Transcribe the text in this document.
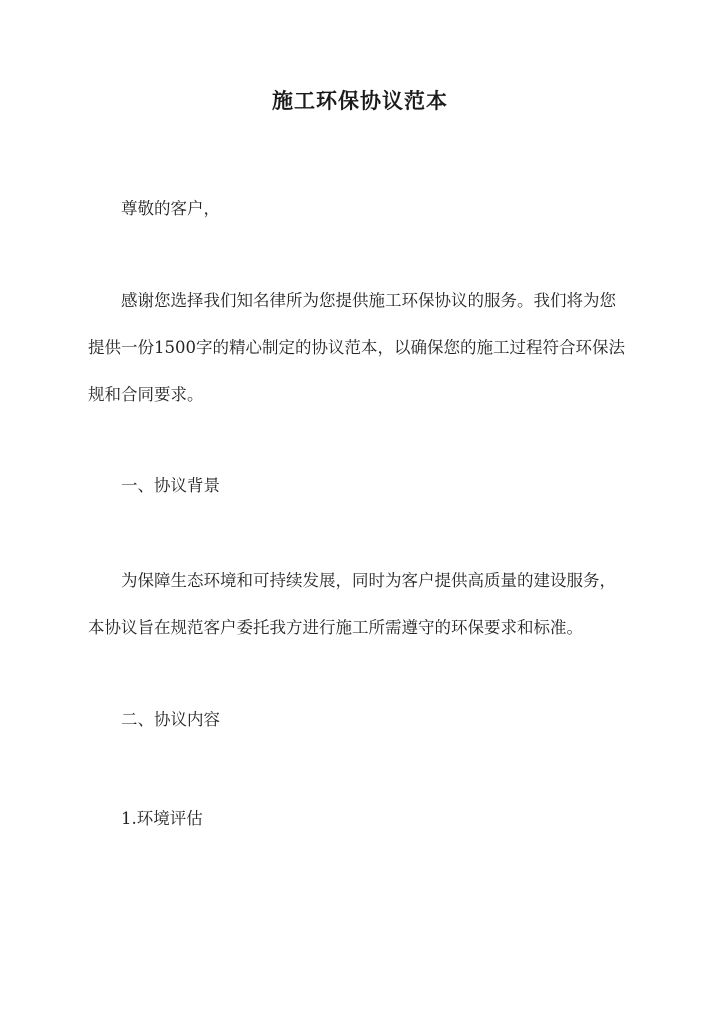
施工环保协议范本

尊敬的客户，

感谢您选择我们知名律所为您提供施工环保协议的服务。我们将为您提供一份1500字的精心制定的协议范本，以确保您的施工过程符合环保法规和合同要求。

一、协议背景

为保障生态环境和可持续发展，同时为客户提供高质量的建设服务，本协议旨在规范客户委托我方进行施工所需遵守的环保要求和标准。

二、协议内容

1.环境评估
